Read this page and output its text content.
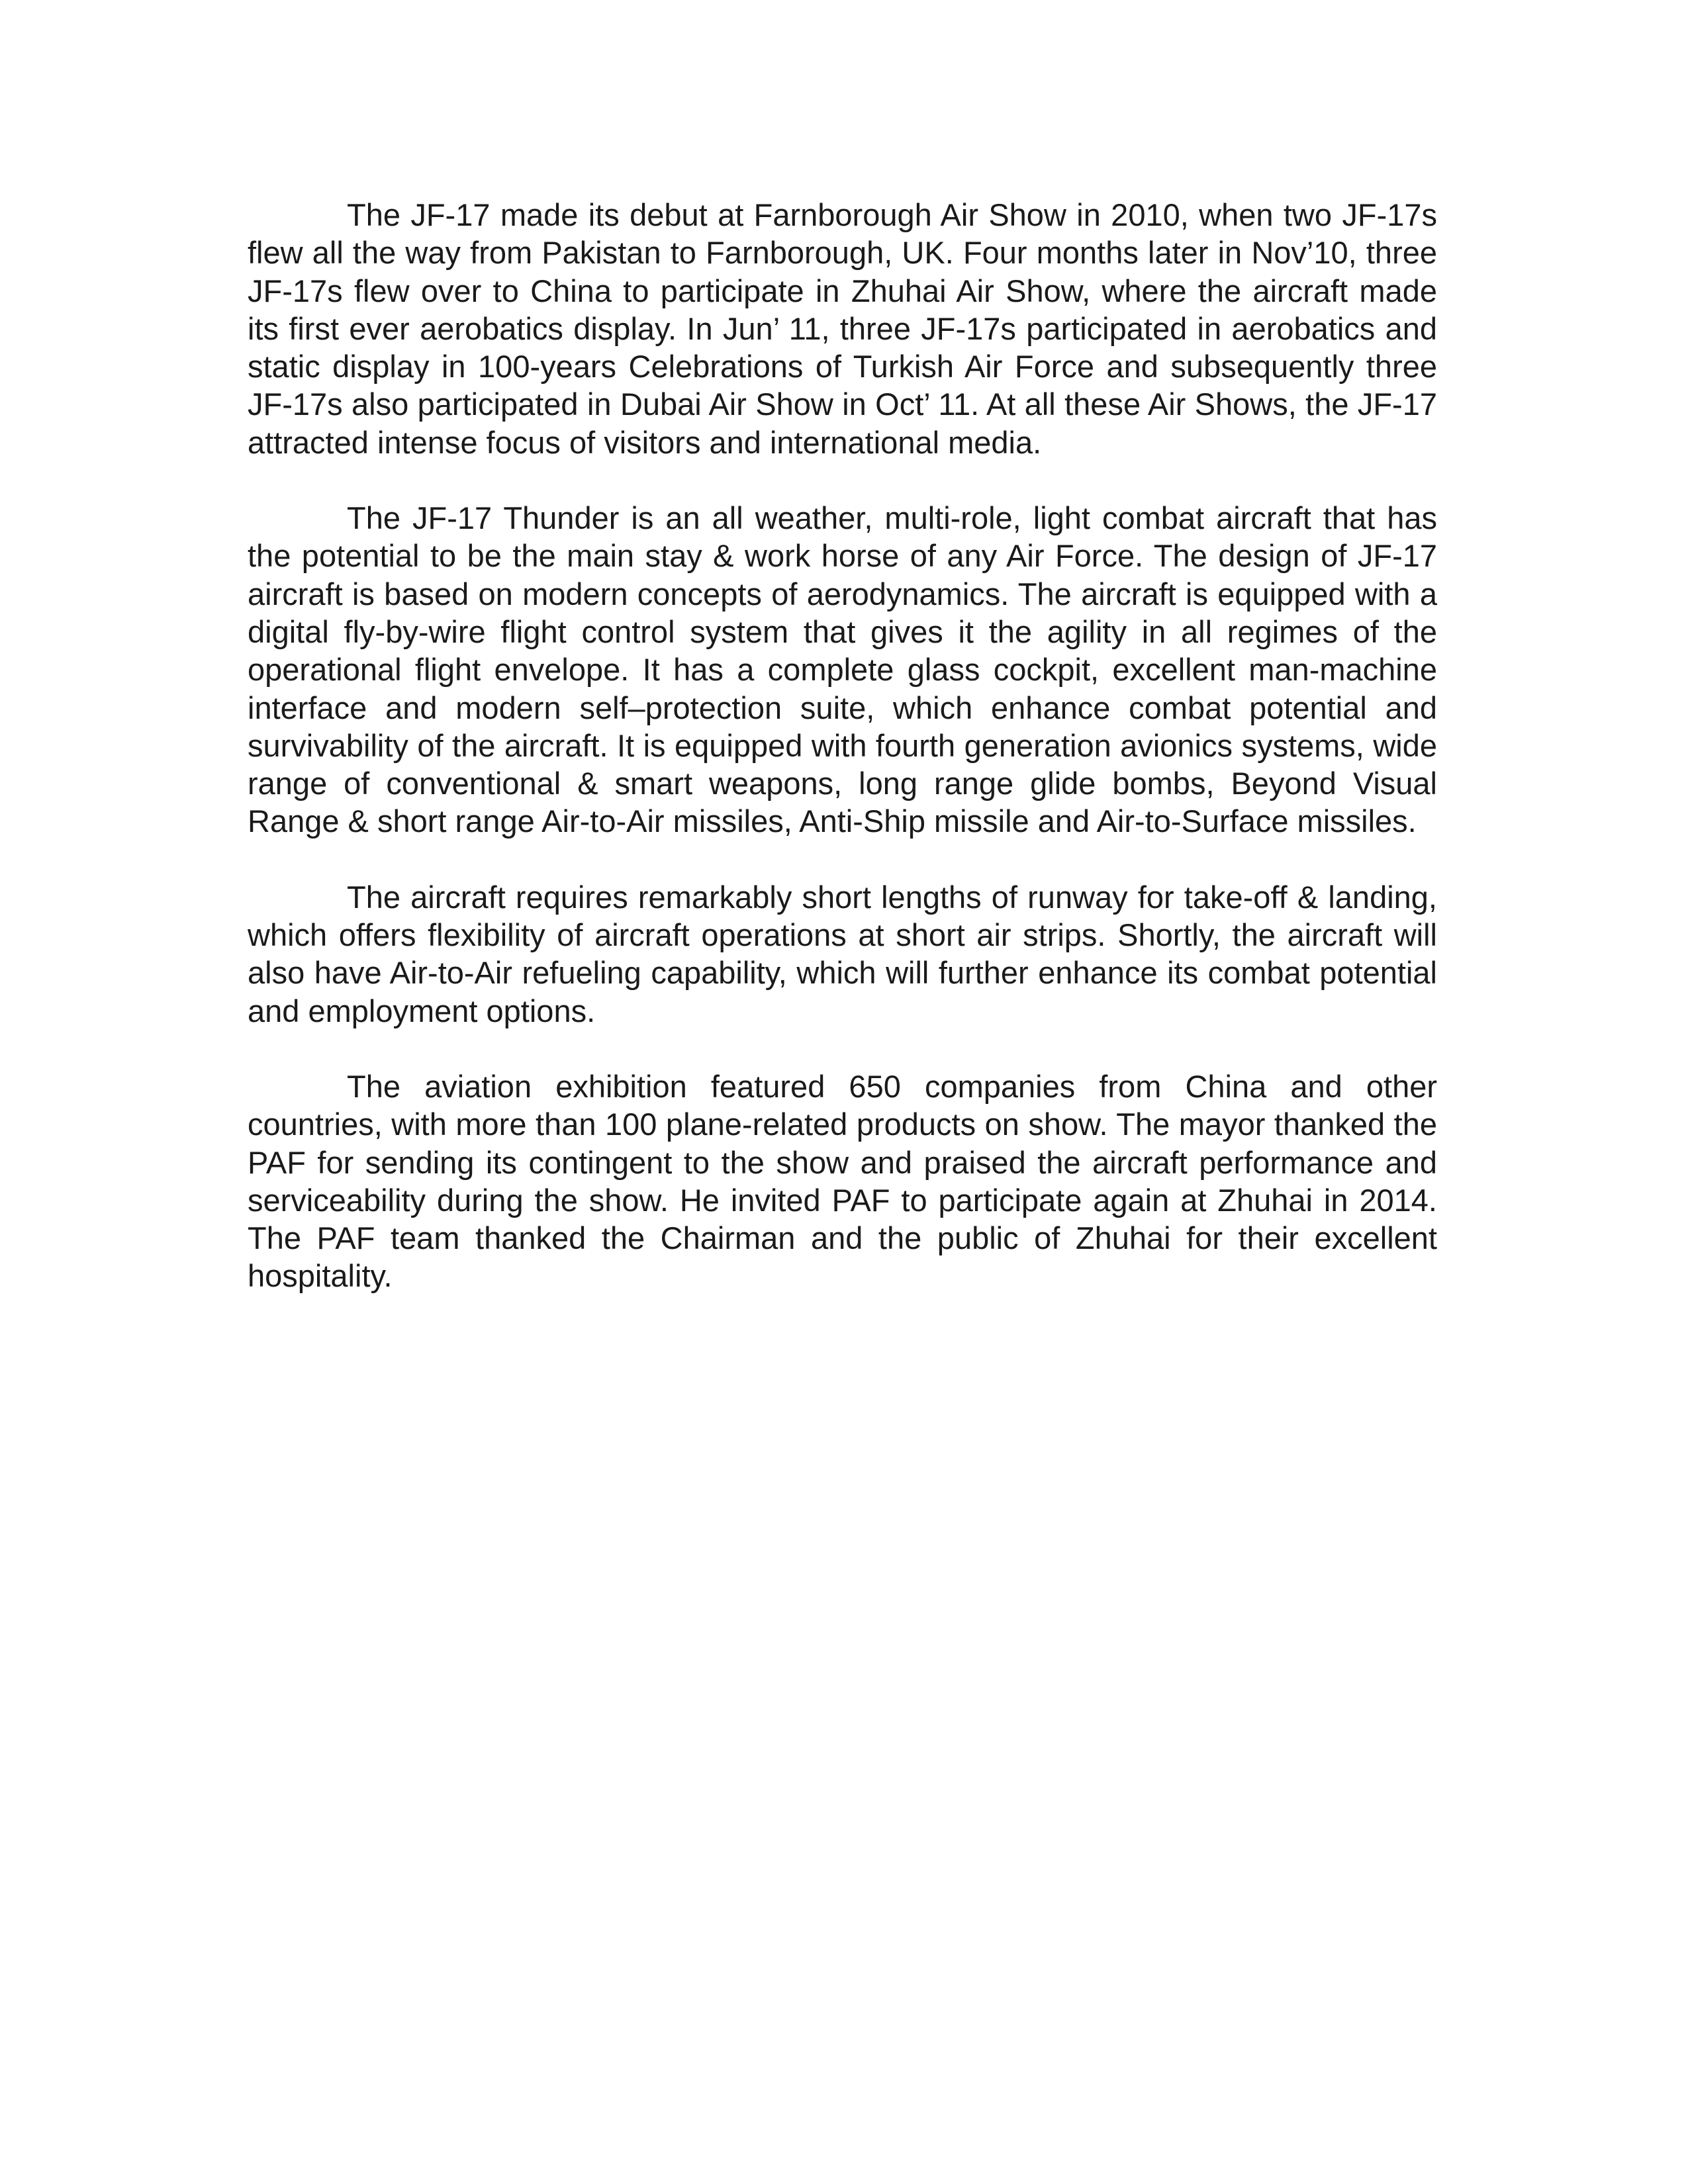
The JF-17 made its debut at Farnborough Air Show in 2010, when two JF-17s flew all the way from Pakistan to Farnborough, UK. Four months later in Nov’10, three JF-17s flew over to China to participate in Zhuhai Air Show, where the aircraft made its first ever aerobatics display. In Jun’ 11, three JF-17s participated in aerobatics and static display in 100-years Celebrations of Turkish Air Force and subsequently three JF-17s also participated in Dubai Air Show in Oct’ 11. At all these Air Shows, the JF-17 attracted intense focus of visitors and international media.

The JF-17 Thunder is an all weather, multi-role, light combat aircraft that has the potential to be the main stay & work horse of any Air Force. The design of JF-17 aircraft is based on modern concepts of aerodynamics. The aircraft is equipped with a digital fly-by-wire flight control system that gives it the agility in all regimes of the operational flight envelope. It has a complete glass cockpit, excellent man-machine interface and modern self–protection suite, which enhance combat potential and survivability of the aircraft. It is equipped with fourth generation avionics systems, wide range of conventional & smart weapons, long range glide bombs, Beyond Visual Range & short range Air-to-Air missiles, Anti-Ship missile and Air-to-Surface missiles.

The aircraft requires remarkably short lengths of runway for take-off & landing, which offers flexibility of aircraft operations at short air strips. Shortly, the aircraft will also have Air-to-Air refueling capability, which will further enhance its combat potential and employment options.

The aviation exhibition featured 650 companies from China and other countries, with more than 100 plane-related products on show. The mayor thanked the PAF for sending its contingent to the show and praised the aircraft performance and serviceability during the show. He invited PAF to participate again at Zhuhai in 2014. The PAF team thanked the Chairman and the public of Zhuhai for their excellent hospitality.
